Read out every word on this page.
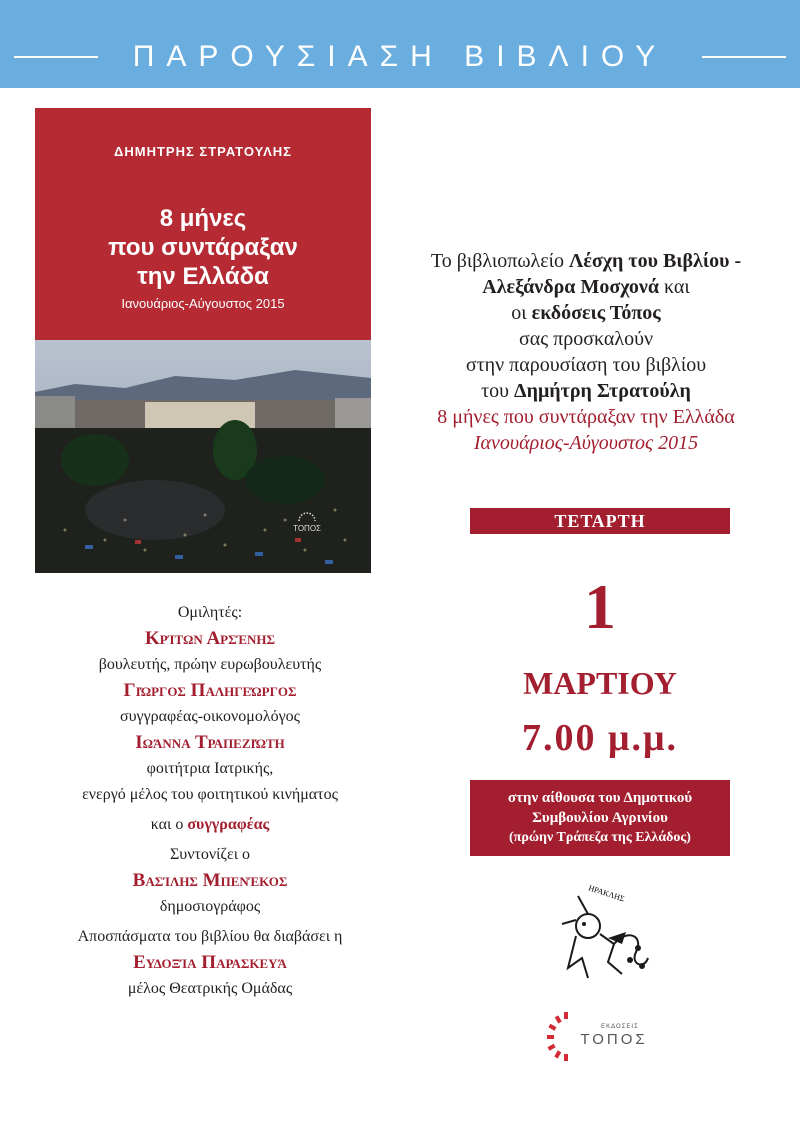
ΠΑΡΟΥΣΙΑΣΗ ΒΙΒΛΙΟΥ
ΔΗΜΗΤΡΗΣ ΣΤΡΑΤΟΥΛΗΣ
8 μήνες
που συντάραξαν
την Ελλάδα
Ιανουάριος-Αύγουστος 2015
ΤΟΠΟΣ
Το βιβλιοπωλείο Λέσχη του Βιβλίου -
Αλεξάνδρα Μοσχονά και
οι εκδόσεις Τόπος
σας προσκαλούν
στην παρουσίαση του βιβλίου
του Δημήτρη Στρατούλη
8 μήνες που συντάραξαν την Ελλάδα
Ιανουάριος-Αύγουστος 2015
ΤΕΤΑΡΤΗ
1
ΜΑΡΤΙΟΥ
7.00 μ.μ.
στην αίθουσα του Δημοτικού
Συμβουλίου Αγρινίου
(πρώην Τράπεζα της Ελλάδος)
Ομιλητές:
Κρίτων Αρσένης
βουλευτής, πρώην ευρωβουλευτής
Γιώργος Παληγεώργος
συγγραφέας-οικονομολόγος
Ιωάννα Τραπεζιώτη
φοιτήτρια Ιατρικής,
ενεργό μέλος του φοιτητικού κινήματος
και ο συγγραφέας
Συντονίζει ο
Βασίλης Μπενέκος
δημοσιογράφος
Αποσπάσματα του βιβλίου θα διαβάσει η
Ευδοξία Παρασκευά
μέλος Θεατρικής Ομάδας
ΗΡΑΚΛΗΣ
ΕΚΔΟΣΕΙΣ
ΤΟΠΟΣ
